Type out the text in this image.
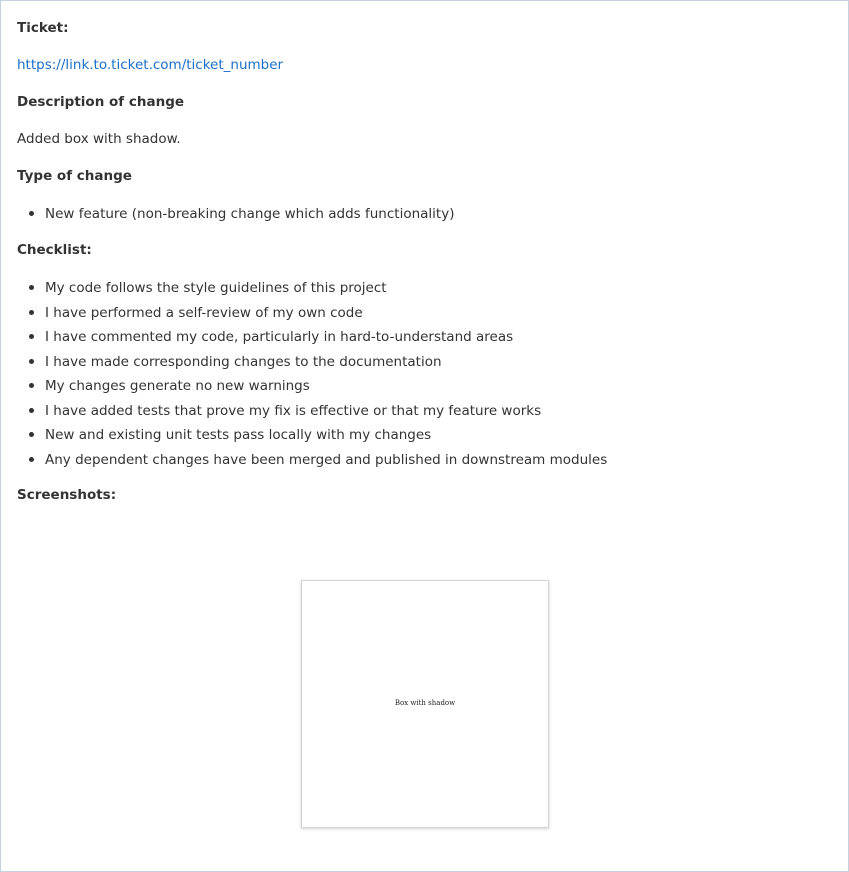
Ticket:
https://link.to.ticket.com/ticket_number
Description of change
Added box with shadow.
Type of change
New feature (non-breaking change which adds functionality)
Checklist:
My code follows the style guidelines of this project
I have performed a self-review of my own code
I have commented my code, particularly in hard-to-understand areas
I have made corresponding changes to the documentation
My changes generate no new warnings
I have added tests that prove my fix is effective or that my feature works
New and existing unit tests pass locally with my changes
Any dependent changes have been merged and published in downstream modules
Screenshots:
Box with shadow
